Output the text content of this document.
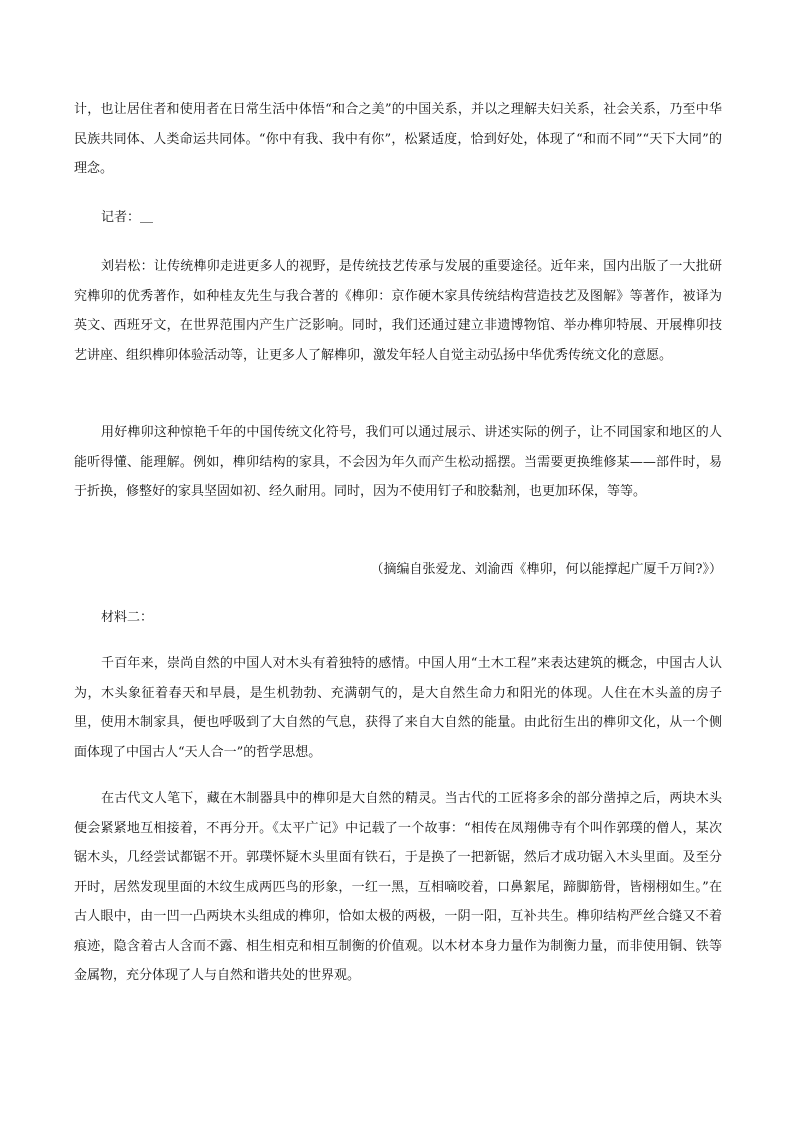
计，也让居住者和使用者在日常生活中体悟“和合之美”的中国关系，并以之理解夫妇关系，社会关系，乃至中华民族共同体、人类命运共同体。“你中有我、我中有你”，松紧适度，恰到好处，体现了“和而不同”“天下大同”的理念。

记者：＿

刘岩松：让传统榫卯走进更多人的视野，是传统技艺传承与发展的重要途径。近年来，国内出版了一大批研究榫卯的优秀著作，如种桂友先生与我合著的《榫卯：京作硬木家具传统结构营造技艺及图解》等著作，被译为英文、西班牙文，在世界范围内产生广泛影响。同时，我们还通过建立非遗博物馆、举办榫卯特展、开展榫卯技艺讲座、组织榫卯体验活动等，让更多人了解榫卯，激发年轻人自觉主动弘扬中华优秀传统文化的意愿。

用好榫卯这种惊艳千年的中国传统文化符号，我们可以通过展示、讲述实际的例子，让不同国家和地区的人能听得懂、能理解。例如，榫卯结构的家具，不会因为年久而产生松动摇摆。当需要更换维修某——部件时，易于折换，修整好的家具坚固如初、经久耐用。同时，因为不使用钉子和胶黏剂，也更加环保，等等。

（摘编自张爱龙、刘渝西《榫卯，何以能撑起广厦千万间?》）

材料二：

千百年来，崇尚自然的中国人对木头有着独特的感情。中国人用“土木工程”来表达建筑的概念，中国古人认为，木头象征着春天和早晨，是生机勃勃、充满朝气的，是大自然生命力和阳光的体现。人住在木头盖的房子里，使用木制家具，便也呼吸到了大自然的气息，获得了来自大自然的能量。由此衍生出的榫卯文化，从一个侧面体现了中国古人“天人合一”的哲学思想。

在古代文人笔下，藏在木制器具中的榫卯是大自然的精灵。当古代的工匠将多余的部分凿掉之后，两块木头便会紧紧地互相接着，不再分开。《太平广记》中记载了一个故事：“相传在凤翔佛寺有个叫作郭璞的僧人，某次锯木头，几经尝试都锯不开。郭璞怀疑木头里面有铁石，于是换了一把新锯，然后才成功锯入木头里面。及至分开时，居然发现里面的木纹生成两匹鸟的形象，一红一黑，互相嘀咬着，口鼻絮尾，蹄脚筋骨，皆栩栩如生。”在古人眼中，由一凹一凸两块木头组成的榫卯，恰如太极的两极，一阴一阳，互补共生。榫卯结构严丝合缝又不着痕迹，隐含着古人含而不露、相生相克和相互制衡的价值观。以木材本身力量作为制衡力量，而非使用铜、铁等金属物，充分体现了人与自然和谐共处的世界观。
